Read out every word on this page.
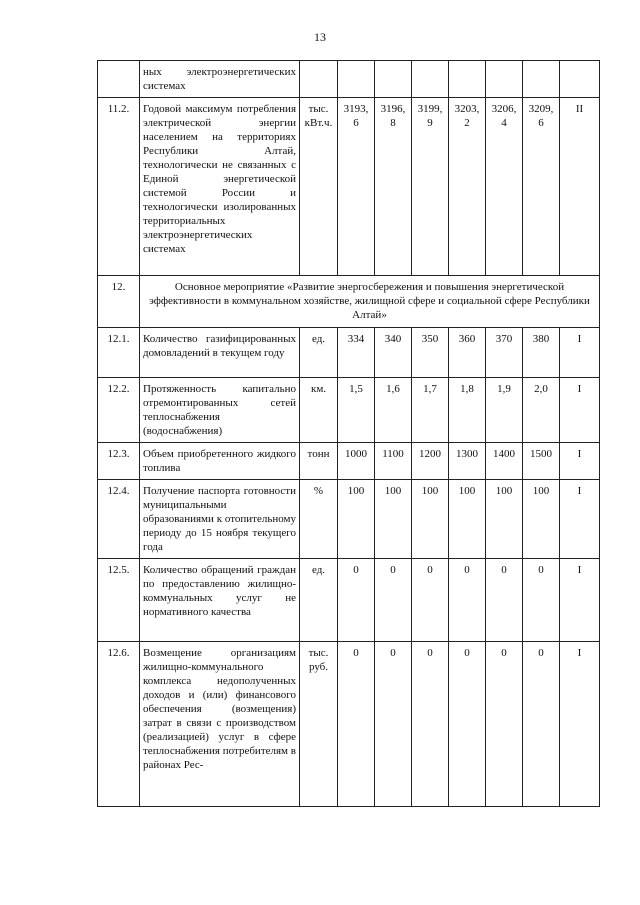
13
	ных электроэнергетических системах								
11.2.	Годовой максимум потребления электрической энергии населением на территориях Республики Алтай, технологически не связанных с Единой энергетической системой России и технологически изолированных территориальных электроэнергетических системах	тыс. кВт.ч.	3193, 6	3196, 8	3199, 9	3203, 2	3206, 4	3209, 6	II
12.	Основное мероприятие «Развитие энергосбережения и повышения энергетической эффективности в коммунальном хозяйстве, жилищной сфере и социальной сфере Республики Алтай»								
12.1.	Количество газифицированных домовладений в текущем году	ед.	334	340	350	360	370	380	I
12.2.	Протяженность капитально отремонтированных сетей теплоснабжения (водоснабжения)	км.	1,5	1,6	1,7	1,8	1,9	2,0	I
12.3.	Объем приобретенного жидкого топлива	тонн	1000	1100	1200	1300	1400	1500	I
12.4.	Получение паспорта готовности муниципальными образованиями к отопительному периоду до 15 ноября текущего года	%	100	100	100	100	100	100	I
12.5.	Количество обращений граждан по предоставлению жилищно-коммунальных услуг не нормативного качества	ед.	0	0	0	0	0	0	I
12.6.	Возмещение организациям жилищно-коммунального комплекса недополученных доходов и (или) финансового обеспечения (возмещения) затрат в связи с производством (реализацией) услуг в сфере теплоснабжения потребителям в районах Рес-	тыс. руб.	0	0	0	0	0	0	I
